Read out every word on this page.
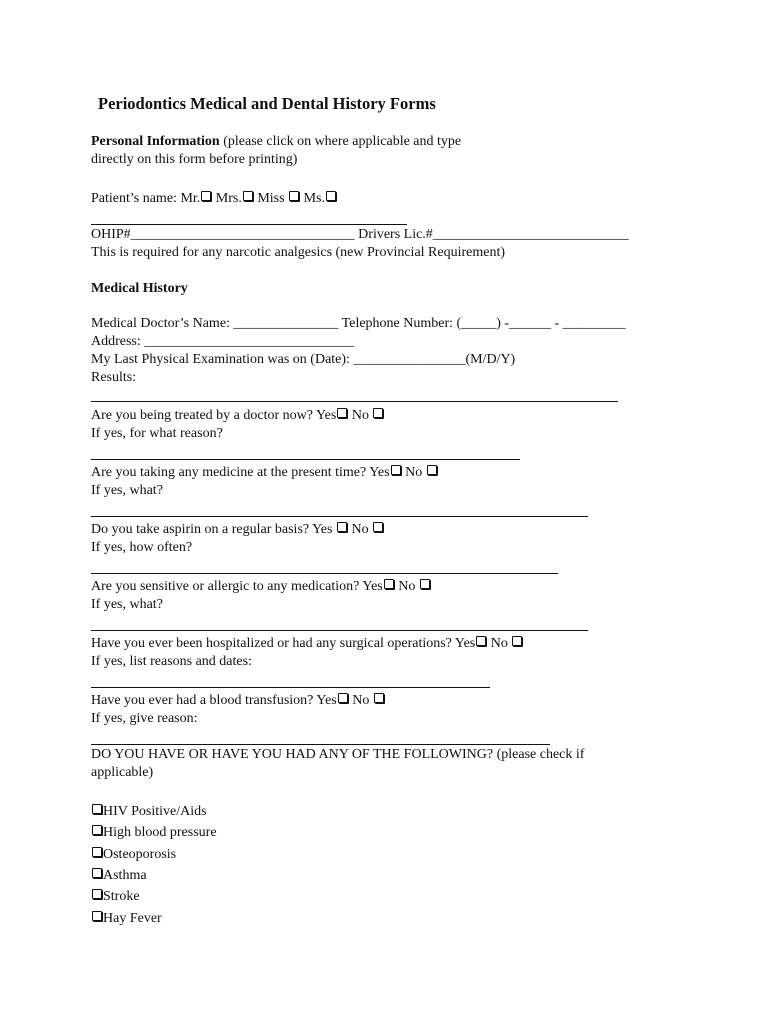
Periodontics Medical and Dental History Forms
Personal Information (please click on where applicable and type
directly on this form before printing)
Patient’s name: Mr. Mrs. Miss Ms.
OHIP#________________________________ Drivers Lic.#____________________________
This is required for any narcotic analgesics (new Provincial Requirement)
Medical History
Medical Doctor’s Name: _______________ Telephone Number: (_____) -______ - _________
Address: ______________________________
My Last Physical Examination was on (Date): ________________(M/D/Y)
Results:
Are you being treated by a doctor now? Yes No
If yes, for what reason?
Are you taking any medicine at the present time? Yes No
If yes, what?
Do you take aspirin on a regular basis? Yes No
If yes, how often?
Are you sensitive or allergic to any medication? Yes No
If yes, what?
Have you ever been hospitalized or had any surgical operations? Yes No
If yes, list reasons and dates:
Have you ever had a blood transfusion? Yes No
If yes, give reason:
DO YOU HAVE OR HAVE YOU HAD ANY OF THE FOLLOWING? (please check if
applicable)
HIV Positive/Aids
High blood pressure
Osteoporosis
Asthma
Stroke
Hay Fever
